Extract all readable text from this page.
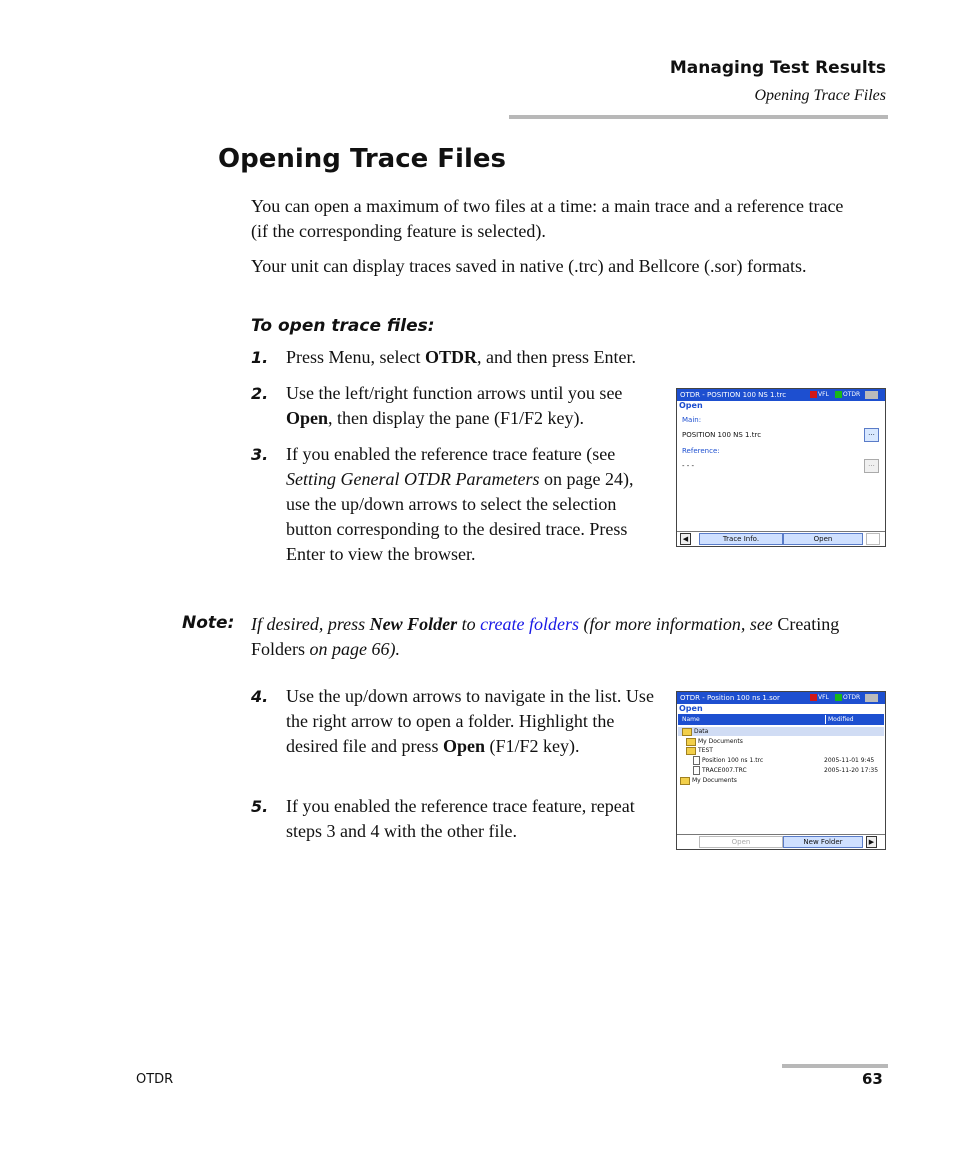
Managing Test Results
Opening Trace Files
Opening Trace Files

You can open a maximum of two files at a time: a main trace and a reference trace (if the corresponding feature is selected).

Your unit can display traces saved in native (.trc) and Bellcore (.sor) formats.

To open trace files:
1. Press Menu, select OTDR, and then press Enter.
2. Use the left/right function arrows until you see Open, then display the pane (F1/F2 key).
3. If you enabled the reference trace feature (see Setting General OTDR Parameters on page 24), use the up/down arrows to select the selection button corresponding to the desired trace. Press Enter to view the browser.
OTDR - POSITION 100 NS 1.trc	VFL	OTDR
Open
Main:
POSITION 100 NS 1.trc	...
Reference:
- - -	...
◀	Trace Info.	Open
Note: If desired, press New Folder to create folders (for more information, see Creating Folders on page 66).
4. Use the up/down arrows to navigate in the list. Use the right arrow to open a folder. Highlight the desired file and press Open (F1/F2 key).
5. If you enabled the reference trace feature, repeat steps 3 and 4 with the other file.
OTDR - Position 100 ns 1.sor	VFL	OTDR
Open
Name	Modified
Data
My Documents
TEST
Position 100 ns 1.trc	2005-11-01 9:45
TRACE007.TRC	2005-11-20 17:35
My Documents
Open	New Folder	▶
OTDR	63
